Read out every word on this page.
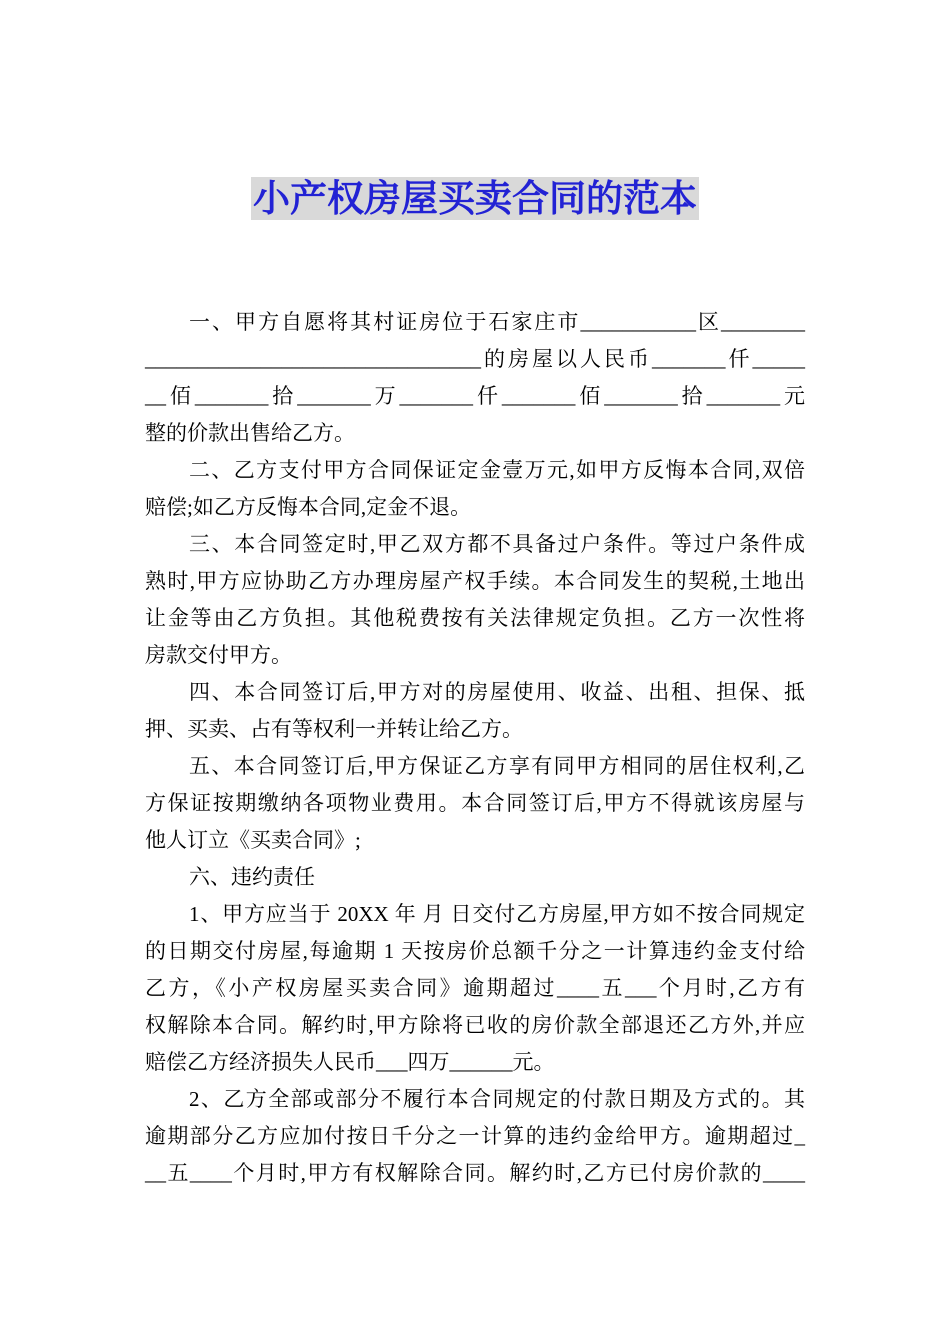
小产权房屋买卖合同的范本
一、甲方自愿将其村证房位于石家庄市___________区________
________________________________的房屋以人民币_______仟_____
__佰_______拾_______万_______仟_______佰_______拾_______元
整的价款出售给乙方。
二、乙方支付甲方合同保证定金壹万元,如甲方反悔本合同,双倍
赔偿;如乙方反悔本合同,定金不退。
三、本合同签定时,甲乙双方都不具备过户条件。等过户条件成
熟时,甲方应协助乙方办理房屋产权手续。本合同发生的契税,土地出
让金等由乙方负担。其他税费按有关法律规定负担。乙方一次性将
房款交付甲方。
四、本合同签订后,甲方对的房屋使用、收益、出租、担保、抵
押、买卖、占有等权利一并转让给乙方。
五、本合同签订后,甲方保证乙方享有同甲方相同的居住权利,乙
方保证按期缴纳各项物业费用。本合同签订后,甲方不得就该房屋与
他人订立《买卖合同》;
六、违约责任
1、甲方应当于 20XX 年 月 日交付乙方房屋,甲方如不按合同规定
的日期交付房屋,每逾期 1 天按房价总额千分之一计算违约金支付给
乙方，《小产权房屋买卖合同》逾期超过____五___个月时,乙方有
权解除本合同。解约时,甲方除将已收的房价款全部退还乙方外,并应
赔偿乙方经济损失人民币___四万______元。
2、乙方全部或部分不履行本合同规定的付款日期及方式的。其
逾期部分乙方应加付按日千分之一计算的违约金给甲方。逾期超过_
__五____个月时,甲方有权解除合同。解约时,乙方已付房价款的____
